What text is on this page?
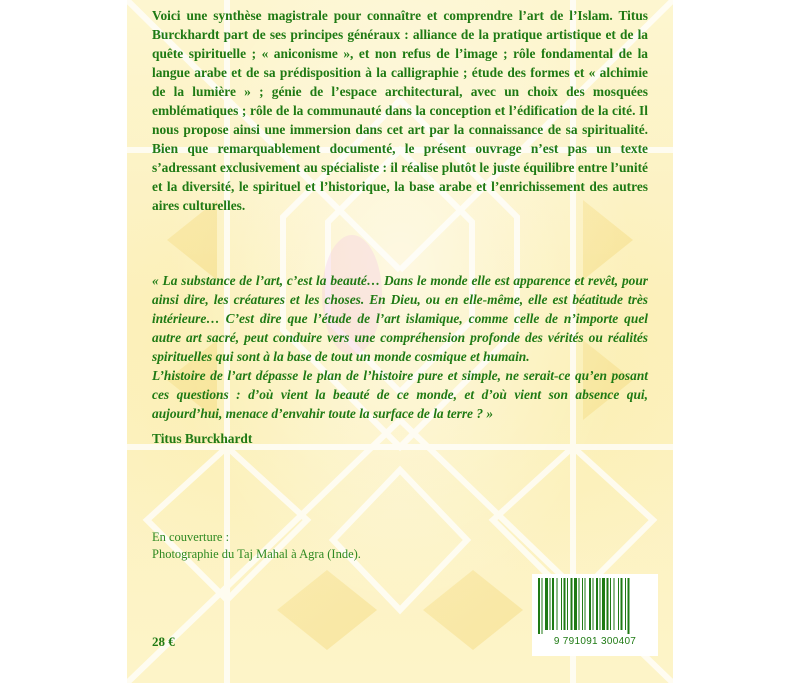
Voici une synthèse magistrale pour connaître et comprendre l’art de l’Islam. Titus Burckhardt part de ses principes généraux : alliance de la pratique artistique et de la quête spirituelle ; « aniconisme », et non refus de l’image ; rôle fondamental de la langue arabe et de sa prédisposition à la calligraphie ; étude des formes et « alchimie de la lumière » ; génie de l’espace architectural, avec un choix des mosquées emblématiques ; rôle de la communauté dans la conception et l’édification de la cité. Il nous propose ainsi une immersion dans cet art par la connaissance de sa spiritualité. Bien que remarquablement documenté, le présent ouvrage n’est pas un texte s’adressant exclusivement au spécialiste : il réalise plutôt le juste équilibre entre l’unité et la diversité, le spirituel et l’historique, la base arabe et l’enrichissement des autres aires culturelles.

« La substance de l’art, c’est la beauté… Dans le monde elle est apparence et revêt, pour ainsi dire, les créatures et les choses. En Dieu, ou en elle-même, elle est béatitude très intérieure… C’est dire que l’étude de l’art islamique, comme celle de n’importe quel autre art sacré, peut conduire vers une compréhension profonde des vérités ou réalités spirituelles qui sont à la base de tout un monde cosmique et humain.

L’histoire de l’art dépasse le plan de l’histoire pure et simple, ne serait-ce qu’en posant ces questions : d’où vient la beauté de ce monde, et d’où vient son absence qui, aujourd’hui, menace d’envahir toute la surface de la terre ? »

Titus Burckhardt
En couverture :
Photographie du Taj Mahal à Agra (Inde).
28 €	9 791091 300407
